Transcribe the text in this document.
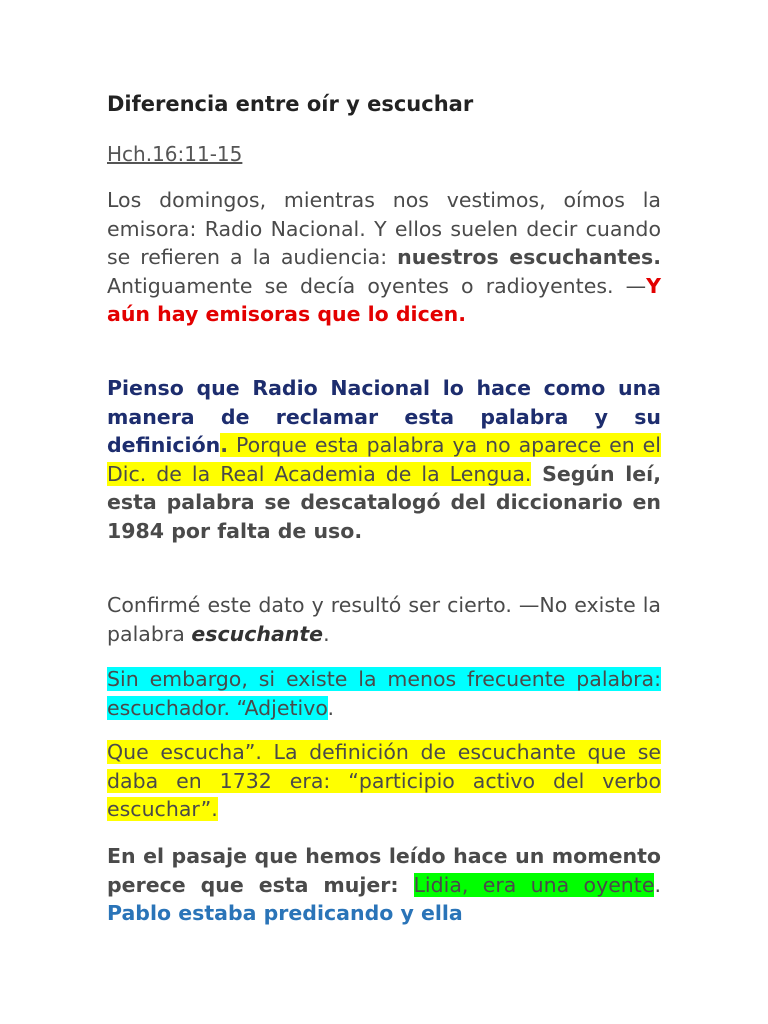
Diferencia entre oír y escuchar

Hch.16:11-15

Los domingos, mientras nos vestimos, oímos la emisora: Radio Nacional. Y ellos suelen decir cuando se refieren a la audiencia: nuestros escuchantes. Antiguamente se decía oyentes o radioyentes. —Y aún hay emisoras que lo dicen.

Pienso que Radio Nacional lo hace como una manera de reclamar esta palabra y su definición. Porque esta palabra ya no aparece en el Dic. de la Real Academia de la Lengua. Según leí, esta palabra se descatalogó del diccionario en 1984 por falta de uso.

Confirmé este dato y resultó ser cierto. —No existe la palabra escuchante.

Sin embargo, si existe la menos frecuente palabra: escuchador. “Adjetivo.

Que escucha”. La definición de escuchante que se daba en 1732 era: “participio activo del verbo escuchar”.

En el pasaje que hemos leído hace un momento perece que esta mujer: Lidia, era una oyente. Pablo estaba predicando y ella
